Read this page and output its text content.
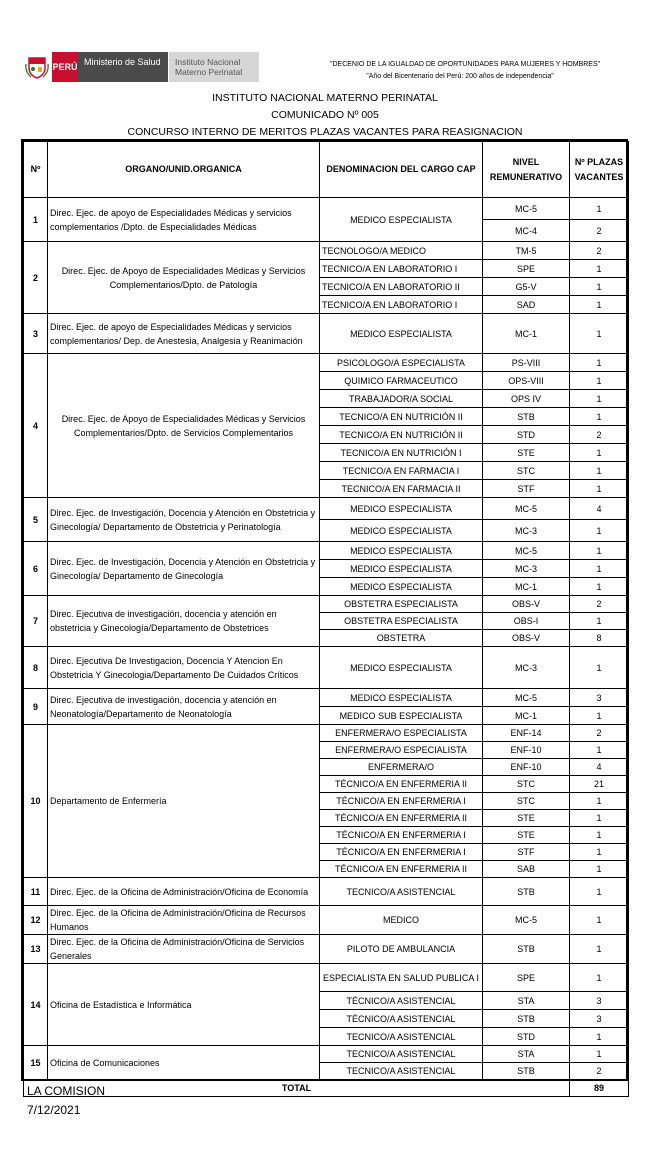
PERÚ Ministerio de Salud	Instituto Nacional Materno Perinatal
"DECENIO DE LA IGUALDAD DE OPORTUNIDADES PARA MUJERES Y HOMBRES"
"Año del Bicentenario del Perú: 200 años de independencia"
INSTITUTO NACIONAL MATERNO PERINATAL
COMUNICADO Nº 005
CONCURSO INTERNO DE MERITOS PLAZAS VACANTES PARA REASIGNACION
Nº	ORGANO/UNID.ORGANICA	DENOMINACION DEL CARGO CAP	NIVEL REMUNERATIVO	Nº PLAZAS VACANTES
1	Direc. Ejec. de apoyo de Especialidades Médicas y servicios complementarios /Dpto. de Especialidades Médicas	MEDICO ESPECIALISTA	MC-5	1
			MC-4	2
2	Direc. Ejec. de Apoyo de Especialidades Médicas y Servicios Complementarios/Dpto. de Patología	TECNOLOGO/A MEDICO	TM-5	2
		TECNICO/A EN LABORATORIO I	SPE	1
		TECNICO/A EN LABORATORIO II	G5-V	1
		TECNICO/A EN LABORATORIO I	SAD	1
3	Direc. Ejec. de apoyo de Especialidades Médicas y servicios complementarios/ Dep. de Anestesia, Analgesia y Reanimación	MEDICO ESPECIALISTA	MC-1	1
4	Direc. Ejec. de Apoyo de Especialidades Médicas y Servicios Complementarios/Dpto. de Servicios Complementarios	PSICOLOGO/A ESPECIALISTA	PS-VIII	1
		QUIMICO FARMACEUTICO	OPS-VIII	1
		TRABAJADOR/A SOCIAL	OPS IV	1
		TECNICO/A EN NUTRICIÓN II	STB	1
		TECNICO/A EN NUTRICIÓN II	STD	2
		TECNICO/A EN NUTRICIÓN I	STE	1
		TECNICO/A EN FARMACIA I	STC	1
		TECNICO/A EN FARMACIA II	STF	1
5	Direc. Ejec. de Investigación, Docencia y Atención en Obstetricia y Ginecología/ Departamento de Obstetricia y Perinatología	MEDICO ESPECIALISTA	MC-5	4
		MEDICO ESPECIALISTA	MC-3	1
6	Direc. Ejec. de Investigación, Docencia y Atención en Obstetricia y Ginecología/ Departamento de Ginecología	MEDICO ESPECIALISTA	MC-5	1
		MEDICO ESPECIALISTA	MC-3	1
		MEDICO ESPECIALISTA	MC-1	1
7	Direc. Ejecutiva de investigación, docencia y atención en obstetricia y Ginecología/Departamento de Obstetrices	OBSTETRA ESPECIALISTA	OBS-V	2
		OBSTETRA ESPECIALISTA	OBS-I	1
		OBSTETRA	OBS-V	8
8	Direc. Ejecutiva De Investigacion, Docencia Y Atencion En Obstetricia Y Ginecologia/Departamento De Cuidados Críticos	MEDICO ESPECIALISTA	MC-3	1
9	Direc. Ejecutiva de investigación, docencia y atención en Neonatología/Departamento de Neonatología	MEDICO ESPECIALISTA	MC-5	3
		MEDICO SUB ESPECIALISTA	MC-1	1
10	Departamento de Enfermería	ENFERMERA/O ESPECIALISTA	ENF-14	2
		ENFERMERA/O ESPECIALISTA	ENF-10	1
		ENFERMERA/O	ENF-10	4
		TÉCNICO/A EN ENFERMERIA II	STC	21
		TÉCNICO/A EN ENFERMERIA I	STC	1
		TÉCNICO/A EN ENFERMERIA II	STE	1
		TÉCNICO/A EN ENFERMERIA I	STE	1
		TÉCNICO/A EN ENFERMERIA I	STF	1
		TÉCNICO/A EN ENFERMERIA II	SAB	1
11	Direc. Ejec. de la Oficina de Administración/Oficina de Economía	TECNICO/A ASISTENCIAL	STB	1
12	Direc. Ejec. de la Oficina de Administración/Oficina de Recursos Humanos	MEDICO	MC-5	1
13	Direc. Ejec. de la Oficina de Administración/Oficina de Servicios Generales	PILOTO DE AMBULANCIA	STB	1
14	Oficina de Estadística e Informática	ESPECIALISTA EN SALUD PUBLICA I	SPE	1
		TÉCNICO/A ASISTENCIAL	STA	3
		TÉCNICO/A ASISTENCIAL	STB	3
		TECNICO/A ASISTENCIAL	STD	1
15	Oficina de Comunicaciones	TECNICO/A ASISTENCIAL	STA	1
		TECNICO/A ASISTENCIAL	STB	2
TOTAL				89
LA COMISION
7/12/2021
